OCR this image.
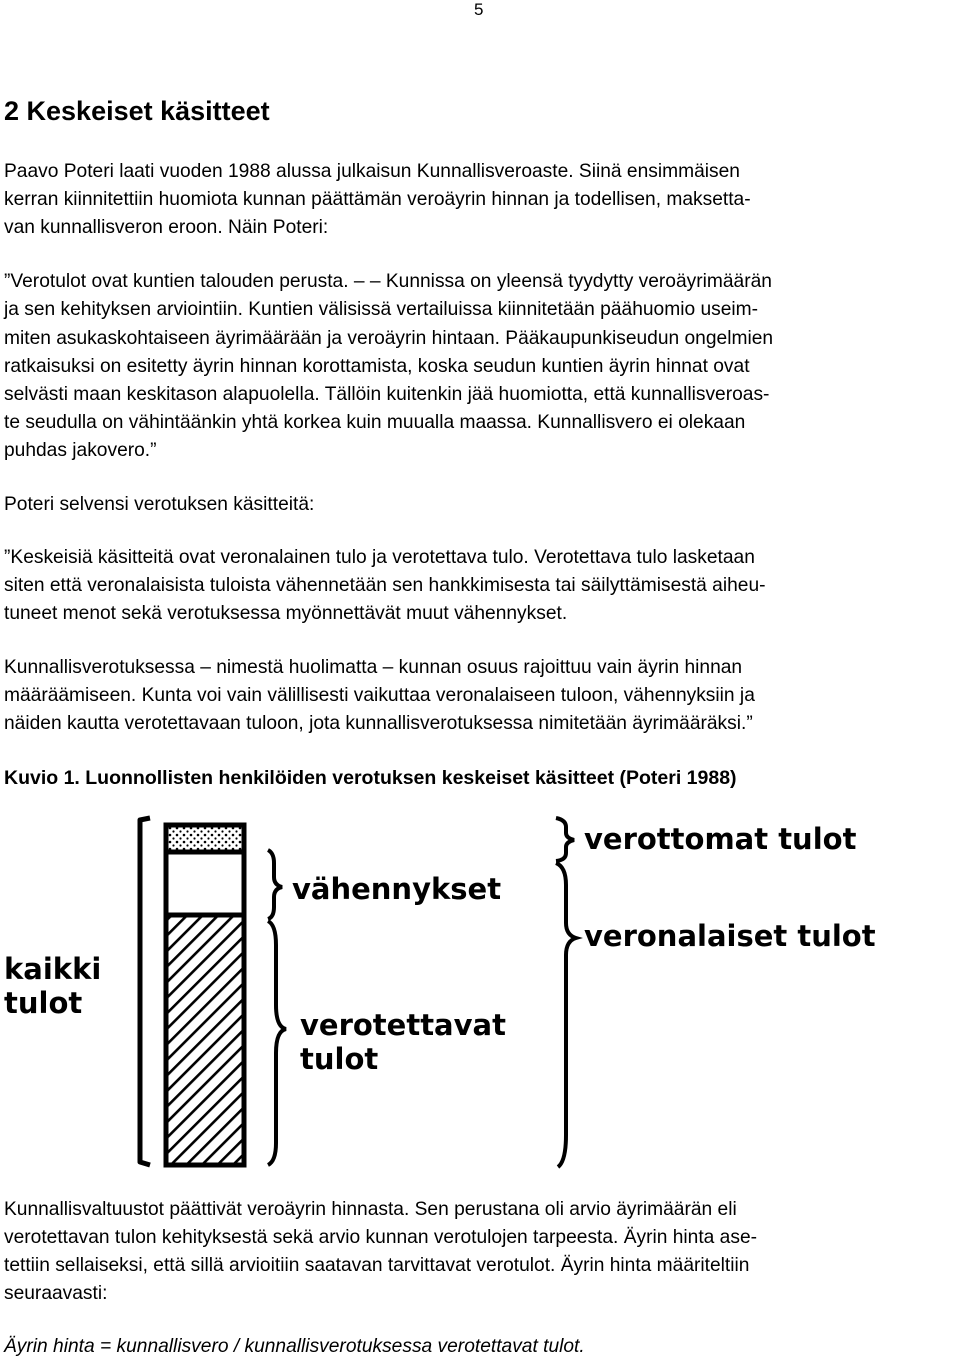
5
2 Keskeiset käsitteet
Paavo Poteri laati vuoden 1988 alussa julkaisun Kunnallisveroaste. Siinä ensimmäisen
kerran kiinnitettiin huomiota kunnan päättämän veroäyrin hinnan ja todellisen, maksetta-
van kunnallisveron eroon. Näin Poteri:
”Verotulot ovat kuntien talouden perusta. – – Kunnissa on yleensä tyydytty veroäyrimäärän
ja sen kehityksen arviointiin. Kuntien välisissä vertailuissa kiinnitetään päähuomio useim-
miten asukaskohtaiseen äyrimäärään ja veroäyrin hintaan. Pääkaupunkiseudun ongelmien
ratkaisuksi on esitetty äyrin hinnan korottamista, koska seudun kuntien äyrin hinnat ovat
selvästi maan keskitason alapuolella. Tällöin kuitenkin jää huomiotta, että kunnallisveroas-
te seudulla on vähintäänkin yhtä korkea kuin muualla maassa. Kunnallisvero ei olekaan
puhdas jakovero.”
Poteri selvensi verotuksen käsitteitä:
”Keskeisiä käsitteitä ovat veronalainen tulo ja verotettava tulo. Verotettava tulo lasketaan
siten että veronalaisista tuloista vähennetään sen hankkimisesta tai säilyttämisestä aiheu-
tuneet menot sekä verotuksessa myönnettävät muut vähennykset.
Kunnallisverotuksessa – nimestä huolimatta – kunnan osuus rajoittuu vain äyrin hinnan
määräämiseen. Kunta voi vain välillisesti vaikuttaa veronalaiseen tuloon, vähennyksiin ja
näiden kautta verotettavaan tuloon, jota kunnallisverotuksessa nimitetään äyrimääräksi.”
Kuvio 1. Luonnollisten henkilöiden verotuksen keskeiset käsitteet (Poteri 1988)
kaikki
tulot
vähennykset
verotettavat
tulot
verottomat tulot
veronalaiset tulot
Kunnallisvaltuustot päättivät veroäyrin hinnasta. Sen perustana oli arvio äyrimäärän eli
verotettavan tulon kehityksestä sekä arvio kunnan verotulojen tarpeesta. Äyrin hinta ase-
tettiin sellaiseksi, että sillä arvioitiin saatavan tarvittavat verotulot. Äyrin hinta määriteltiin
seuraavasti:
Äyrin hinta = kunnallisvero / kunnallisverotuksessa verotettavat tulot.
